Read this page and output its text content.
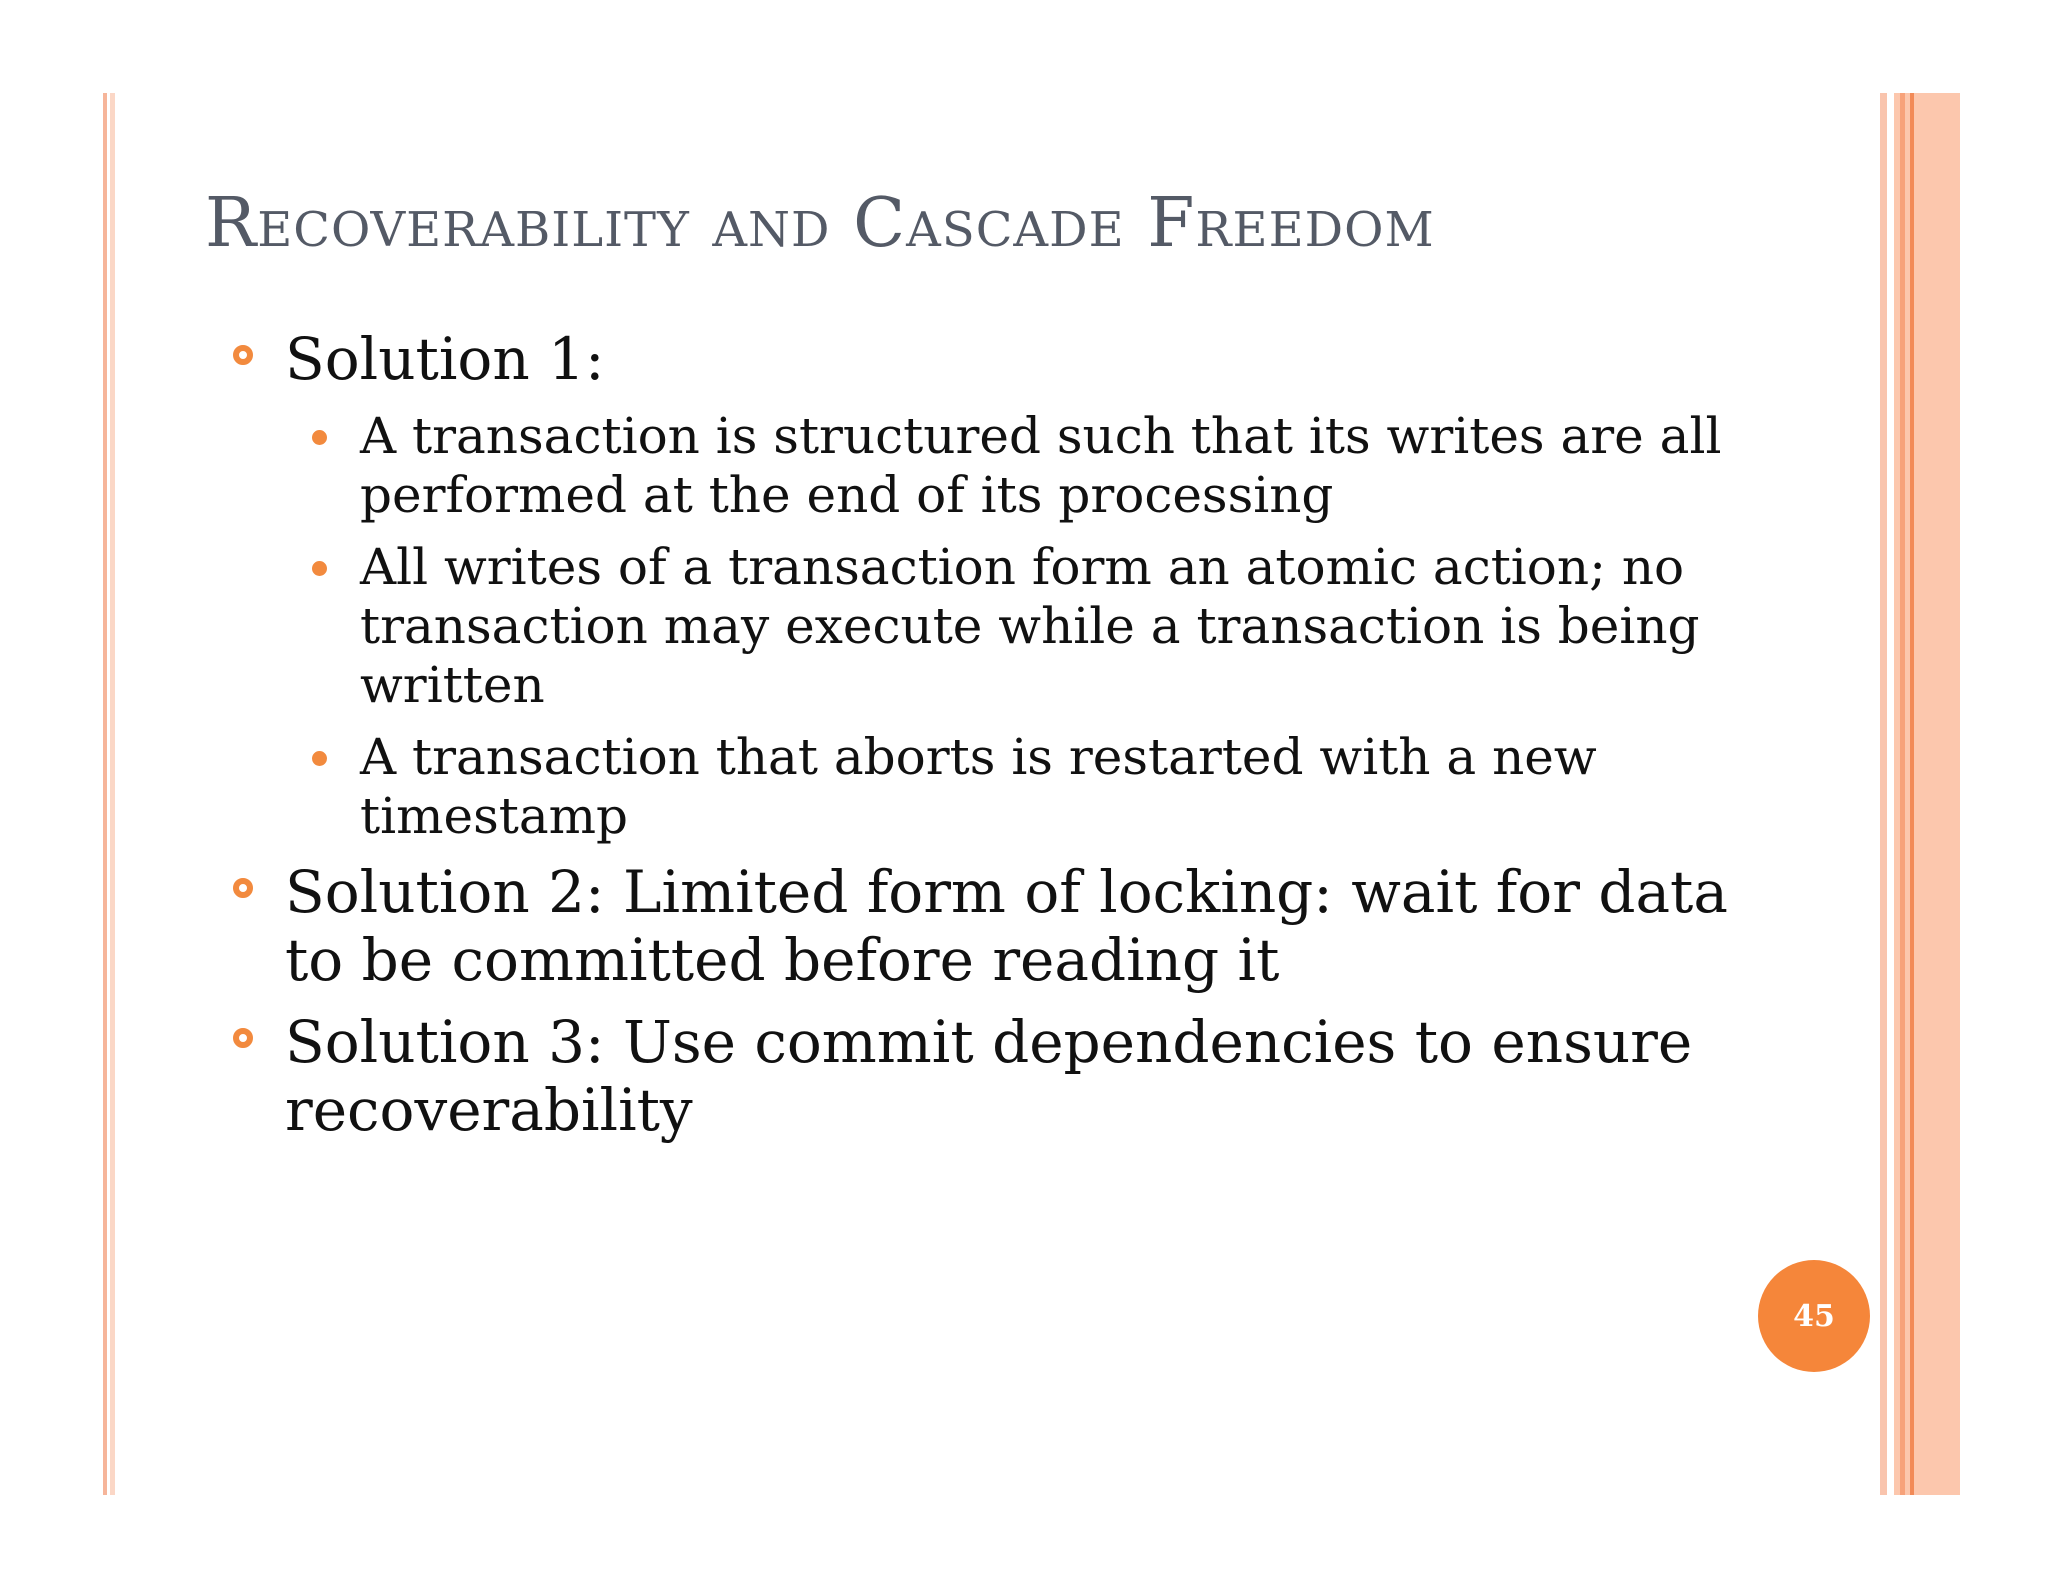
Recoverability and Cascade Freedom
Solution 1:
A transaction is structured such that its writes are all performed at the end of its processing
All writes of a transaction form an atomic action; no transaction may execute while a transaction is being written
A transaction that aborts is restarted with a new timestamp
Solution 2: Limited form of locking: wait for data to be committed before reading it
Solution 3: Use commit dependencies to ensure recoverability
45
